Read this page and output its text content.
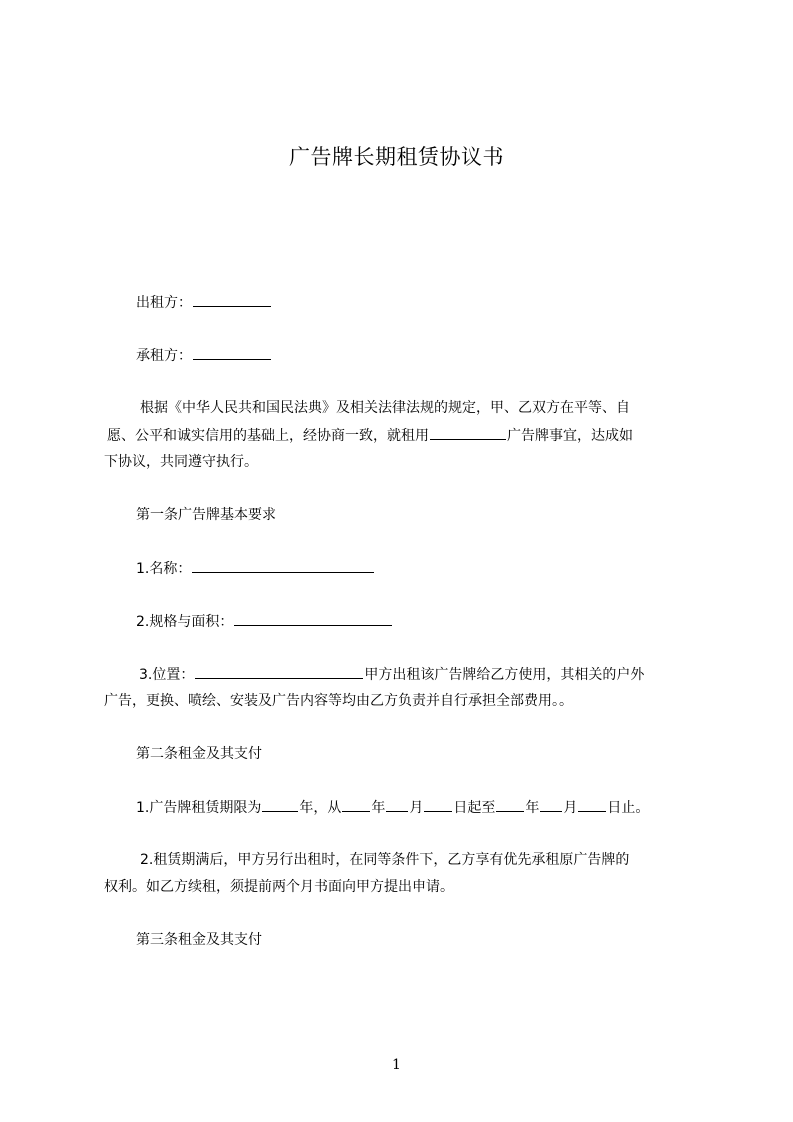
广告牌长期租赁协议书
出租方：
承租方：
根据《中华人民共和国民法典》及相关法律法规的规定，甲、乙双方在平等、自
愿、公平和诚实信用的基础上，经协商一致，就租用	广告牌事宜，达成如
下协议，共同遵守执行。
第一条广告牌基本要求
1.名称：
2.规格与面积：
3.位置：	甲方出租该广告牌给乙方使用，其相关的户外
广告，更换、喷绘、安装及广告内容等均由乙方负责并自行承担全部费用。。
第二条租金及其支付
1.广告牌租赁期限为	年，从 年 月 日起至 年 月 日止。
2.租赁期满后，甲方另行出租时，在同等条件下，乙方享有优先承租原广告牌的
权利。如乙方续租，须提前两个月书面向甲方提出申请。
第三条租金及其支付
1
